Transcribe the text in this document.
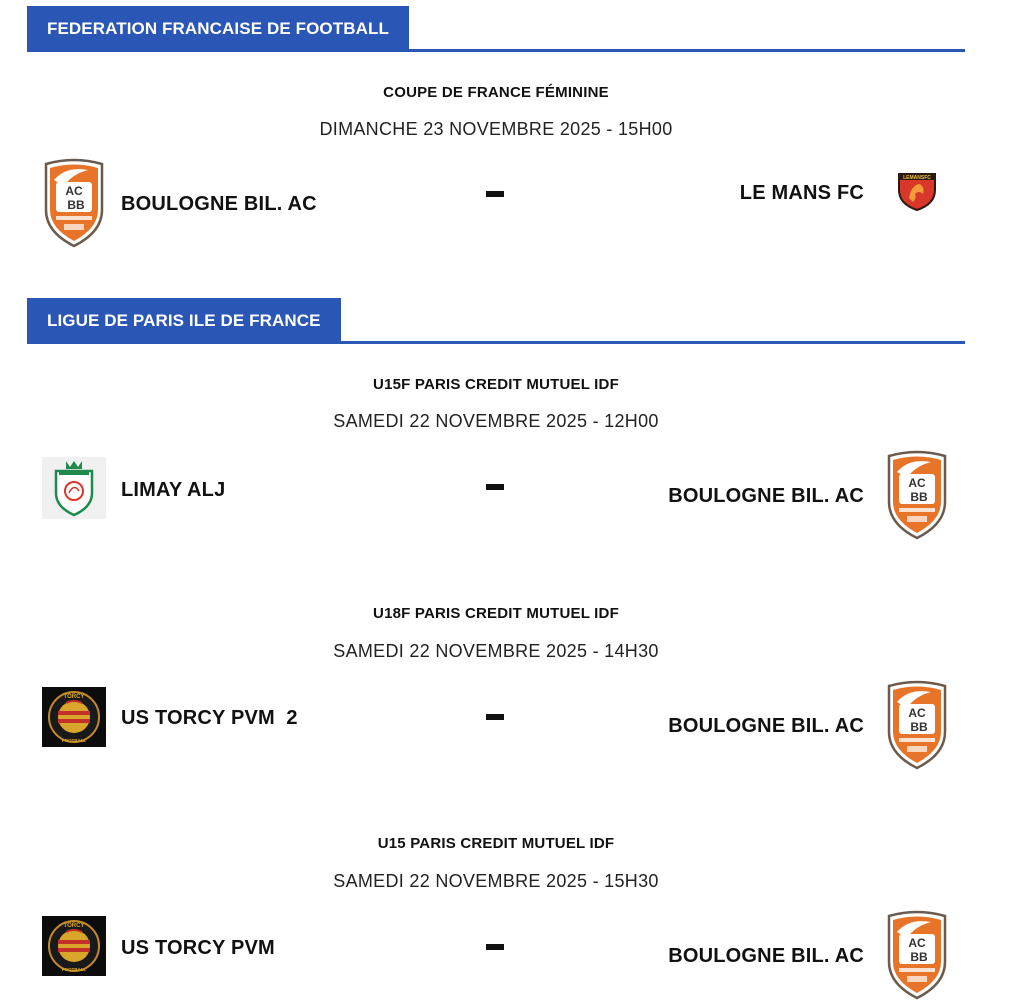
FEDERATION FRANCAISE DE FOOTBALL
COUPE DE FRANCE FÉMININE
DIMANCHE 23 NOVEMBRE 2025 - 15H00
BOULOGNE BIL. AC	LE MANS FC
LIGUE DE PARIS ILE DE FRANCE
U15F PARIS CREDIT MUTUEL IDF
SAMEDI 22 NOVEMBRE 2025 - 12H00
LIMAY ALJ	BOULOGNE BIL. AC
U18F PARIS CREDIT MUTUEL IDF
SAMEDI 22 NOVEMBRE 2025 - 14H30
US TORCY PVM  2	BOULOGNE BIL. AC
U15 PARIS CREDIT MUTUEL IDF
SAMEDI 22 NOVEMBRE 2025 - 15H30
US TORCY PVM	BOULOGNE BIL. AC
